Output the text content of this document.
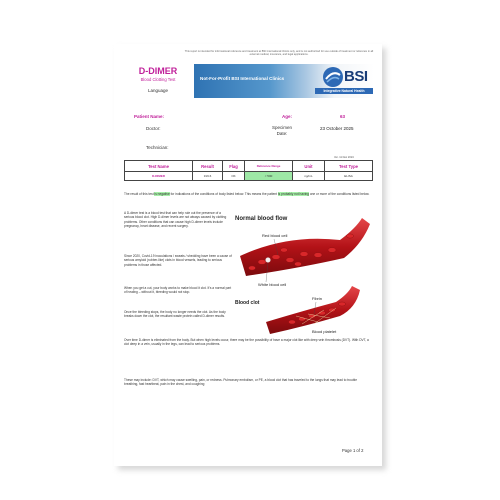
This report is intended for informational reference and treatment at BSI International Clinics only, and is not authorized for use outside of treatment or reference in all external medical, insurance, and legal applications.
D-DIMER
Blood Clotting Test
Language
Not-For-Profit BSI International Clinics	BSI
Integrative Natural Health
Patient Name:	Age:	63
Doctor:	Specimen
Date:
23 October 2025
Technician:
Ver. 11 Dec 2024
Test Name	Result	Flag	Reference Range	Unit	Test Type
D-DIMER	319.6	OK	< 500	ng/mL	ELISA
The result of this test is negative for indications of the conditions of body listed below. This means the patient is probably not having one or more of the conditions listed below.
A D-dimer test is a blood test that can help rule out the presence of a serious blood clot. High D-dimer levels are not always caused by clotting problems. Other conditions that can cause high D-dimer levels include pregnancy, heart disease, and recent surgery.
Since 2020, Covid-19 inoculations / sweats / shedding have been a cause of serious amyloid (rubber-like) clots in blood vessels, leading to serious problems in those affected.
When you get a cut, your body works to make blood it clot. It's a normal part of healing – without it, bleeding would not stop.
Once the bleeding stops, the body no longer needs the clot. As the body breaks down the clot, the resultant waste protein called D-dimer results.
Over time D-dimer is eliminated from the body. But when high levels occur, there may be the possibility of have a major clot like with deep vein thrombosis (DVT). With DVT, a clot deep in a vein, usually in the legs, can lead to serious problems.
These may include: DVT, which may cause swelling, pain, or redness. Pulmonary embolism, or PE, a blood clot that has traveled to the lungs that may lead to trouble breathing, fast heartbeat, pain in the chest, and coughing
Normal blood flow
Red blood cell
White blood cell
Blood clot
Fibrin
Blood platelet
Page 1 of 2
